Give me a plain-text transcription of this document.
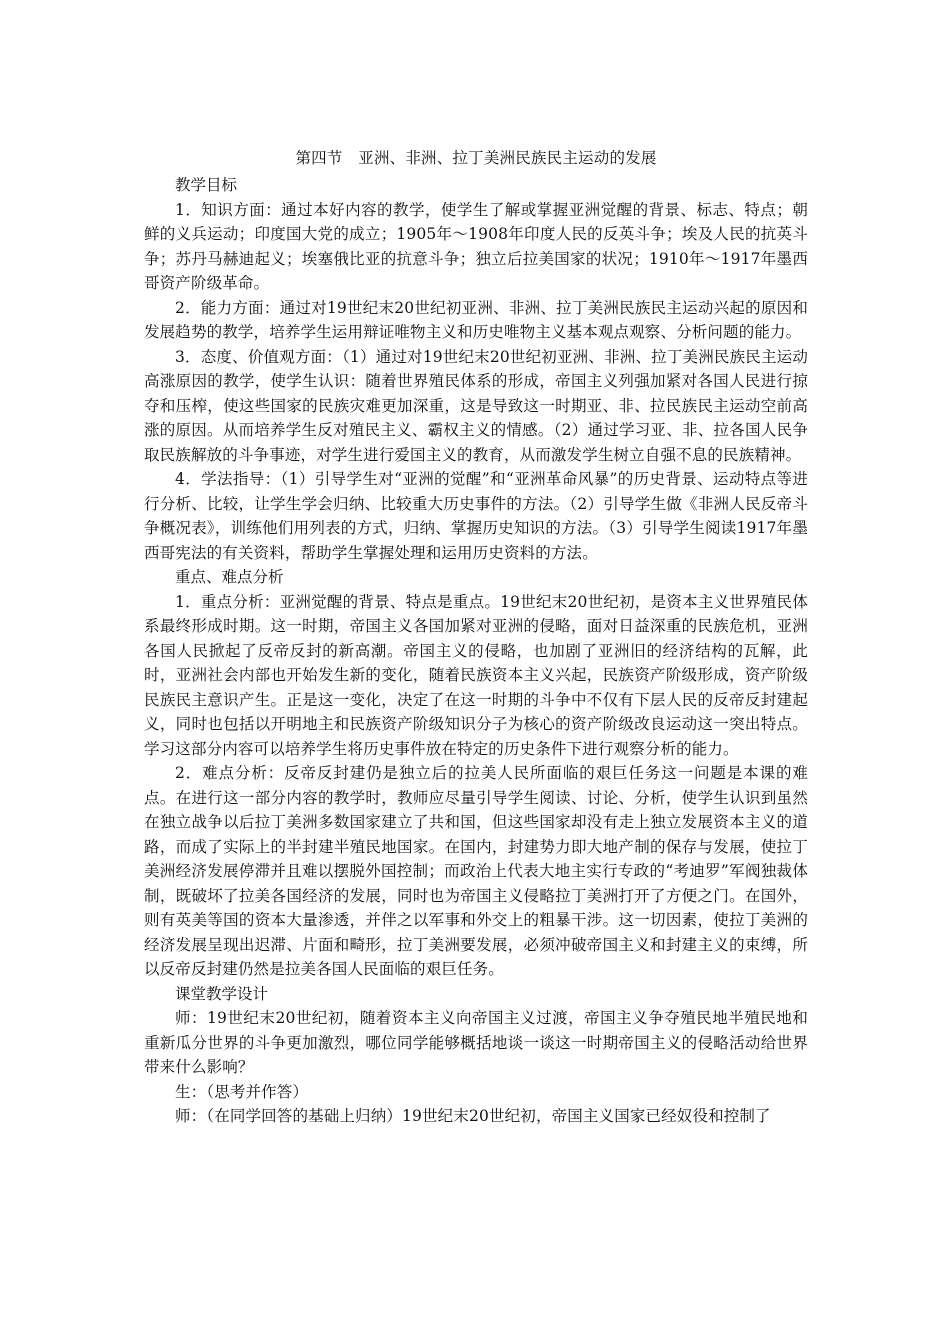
第四节　亚洲、非洲、拉丁美洲民族民主运动的发展

教学目标

1．知识方面：通过本好内容的教学，使学生了解或掌握亚洲觉醒的背景、标志、特点；朝鲜的义兵运动；印度国大党的成立；1905年～1908年印度人民的反英斗争；埃及人民的抗英斗争；苏丹马赫迪起义；埃塞俄比亚的抗意斗争；独立后拉美国家的状况；1910年～1917年墨西哥资产阶级革命。

2．能力方面：通过对19世纪末20世纪初亚洲、非洲、拉丁美洲民族民主运动兴起的原因和发展趋势的教学，培养学生运用辩证唯物主义和历史唯物主义基本观点观察、分析问题的能力。

3．态度、价值观方面：（1）通过对19世纪末20世纪初亚洲、非洲、拉丁美洲民族民主运动高涨原因的教学，使学生认识：随着世界殖民体系的形成，帝国主义列强加紧对各国人民进行掠夺和压榨，使这些国家的民族灾难更加深重，这是导致这一时期亚、非、拉民族民主运动空前高涨的原因。从而培养学生反对殖民主义、霸权主义的情感。（2）通过学习亚、非、拉各国人民争取民族解放的斗争事迹，对学生进行爱国主义的教育，从而激发学生树立自强不息的民族精神。

4．学法指导：（1）引导学生对“亚洲的觉醒”和“亚洲革命风暴”的历史背景、运动特点等进行分析、比较，让学生学会归纳、比较重大历史事件的方法。（2）引导学生做《非洲人民反帝斗争概况表》，训练他们用列表的方式，归纳、掌握历史知识的方法。（3）引导学生阅读1917年墨西哥宪法的有关资料，帮助学生掌握处理和运用历史资料的方法。

重点、难点分析

1．重点分析：亚洲觉醒的背景、特点是重点。19世纪末20世纪初，是资本主义世界殖民体系最终形成时期。这一时期，帝国主义各国加紧对亚洲的侵略，面对日益深重的民族危机，亚洲各国人民掀起了反帝反封的新高潮。帝国主义的侵略，也加剧了亚洲旧的经济结构的瓦解，此时，亚洲社会内部也开始发生新的变化，随着民族资本主义兴起，民族资产阶级形成，资产阶级民族民主意识产生。正是这一变化，决定了在这一时期的斗争中不仅有下层人民的反帝反封建起义，同时也包括以开明地主和民族资产阶级知识分子为核心的资产阶级改良运动这一突出特点。学习这部分内容可以培养学生将历史事件放在特定的历史条件下进行观察分析的能力。

2．难点分析：反帝反封建仍是独立后的拉美人民所面临的艰巨任务这一问题是本课的难点。在进行这一部分内容的教学时，教师应尽量引导学生阅读、讨论、分析，使学生认识到虽然在独立战争以后拉丁美洲多数国家建立了共和国，但这些国家却没有走上独立发展资本主义的道路，而成了实际上的半封建半殖民地国家。在国内，封建势力即大地产制的保存与发展，使拉丁美洲经济发展停滞并且难以摆脱外国控制；而政治上代表大地主实行专政的“考迪罗”军阀独裁体制，既破坏了拉美各国经济的发展，同时也为帝国主义侵略拉丁美洲打开了方便之门。在国外，则有英美等国的资本大量渗透，并伴之以军事和外交上的粗暴干涉。这一切因素，使拉丁美洲的经济发展呈现出迟滞、片面和畸形，拉丁美洲要发展，必须冲破帝国主义和封建主义的束缚，所以反帝反封建仍然是拉美各国人民面临的艰巨任务。

课堂教学设计

师：19世纪末20世纪初，随着资本主义向帝国主义过渡，帝国主义争夺殖民地半殖民地和重新瓜分世界的斗争更加激烈，哪位同学能够概括地谈一谈这一时期帝国主义的侵略活动给世界带来什么影响？

生：（思考并作答）

师：（在同学回答的基础上归纳）19世纪末20世纪初，帝国主义国家已经奴役和控制了
